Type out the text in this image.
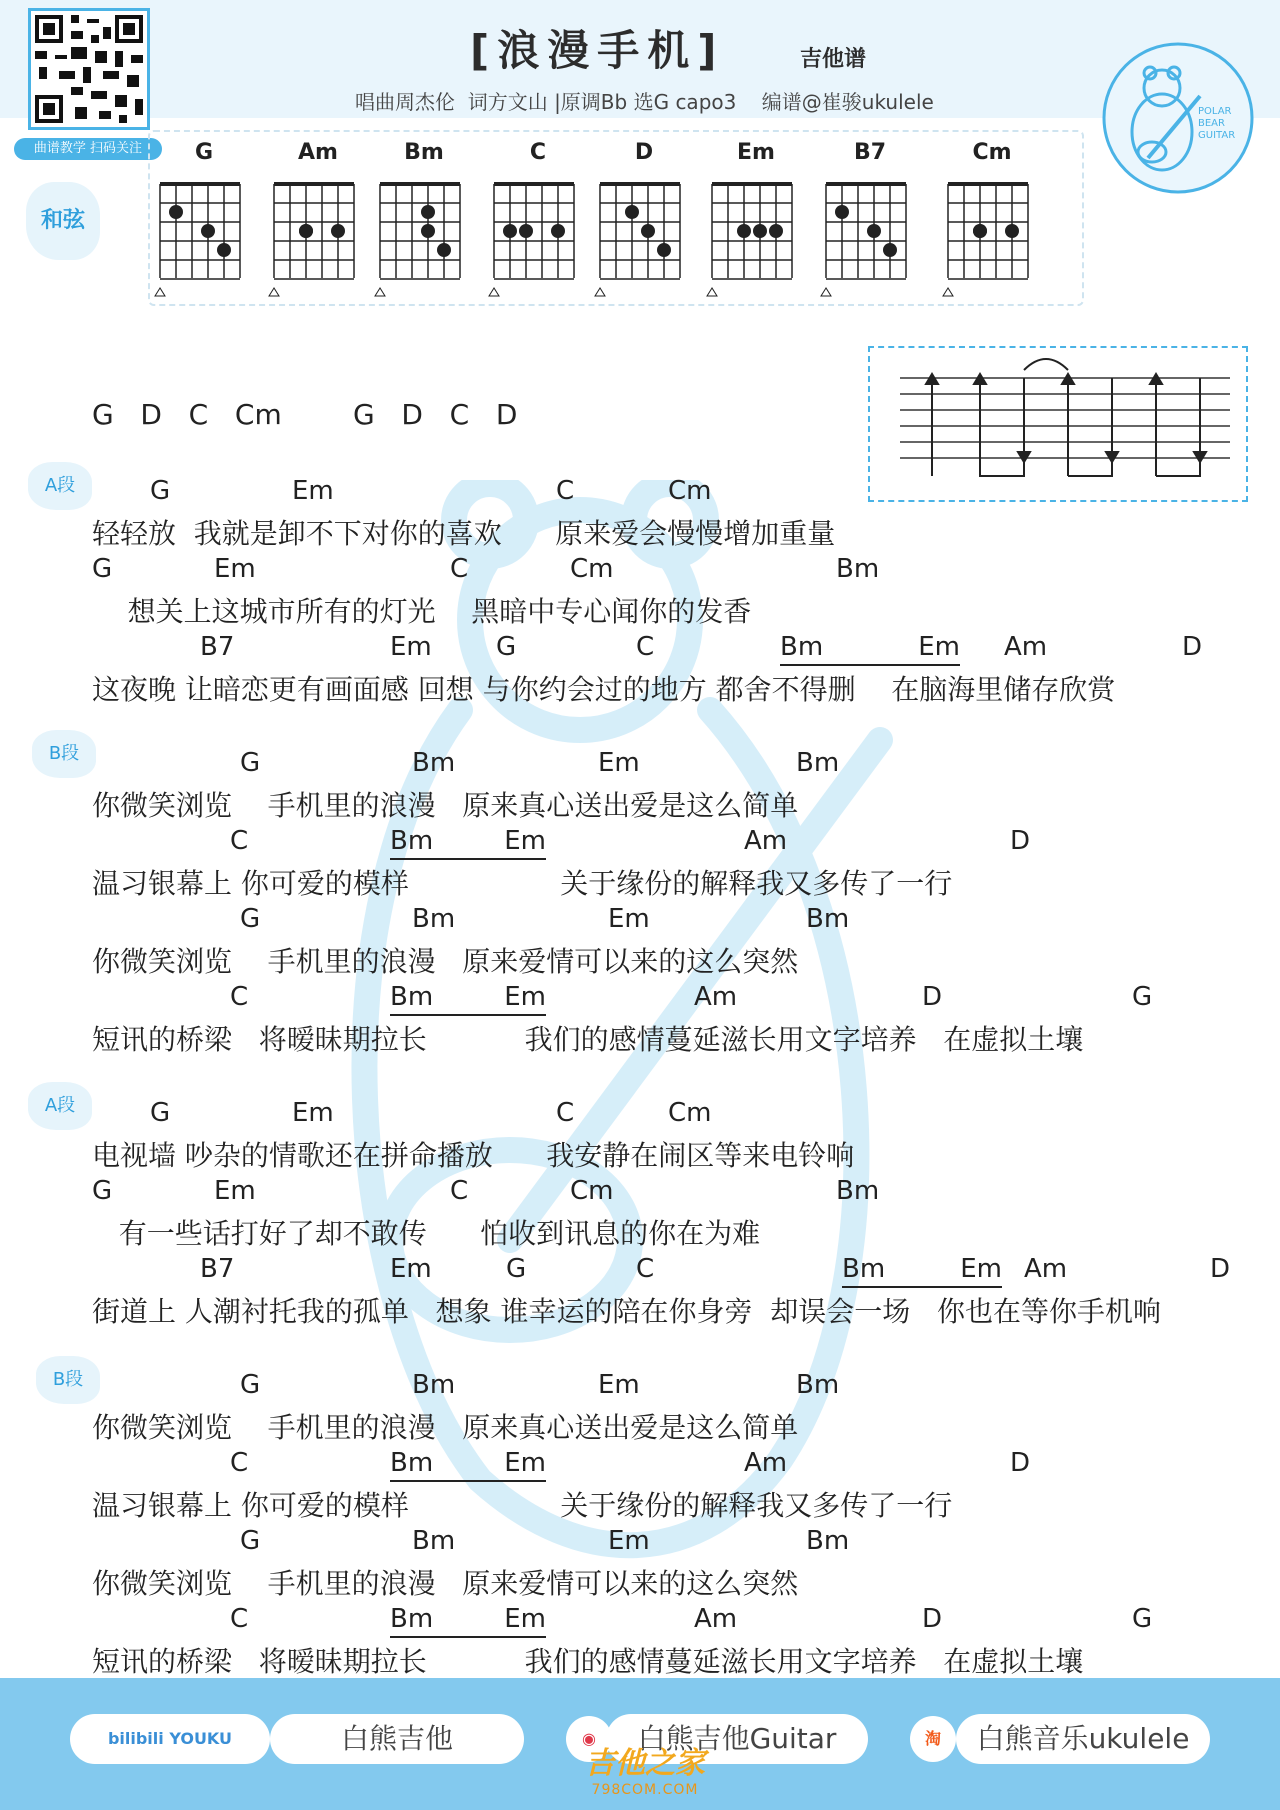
曲谱教学 扫码关注
[浪漫手机]	吉他谱
唱曲周杰伦  词方文山 |原调Bb 选G capo3    编谱@崔骏ukulele	POLAR
BEAR
GUITAR
和弦
G	Am	Bm	C	D	Em	B7	Cm
G   D   C   Cm        G   D   C   D
A段
B段
A段
B段
G	Em	C	Cm
轻轻放  我就是卸不下对你的喜欢      原来爱会慢慢增加重量
G	Em	C	Cm	Bm
想关上这城市所有的灯光    黑暗中专心闻你的发香
B7	Em G	C	Bm	Em Am	D
这夜晚 让暗恋更有画面感 回想 与你约会过的地方 都舍不得删    在脑海里储存欣赏
G	Bm	Em	Bm
你微笑浏览    手机里的浪漫   原来真心送出爱是这么简单
C	Bm	Em	Am	D
温习银幕上 你可爱的模样                 关于缘份的解释我又多传了一行
G	Bm	Em	Bm
你微笑浏览    手机里的浪漫   原来爱情可以来的这么突然
C	Bm	Em	Am	D	G
短讯的桥梁   将暧昧期拉长           我们的感情蔓延滋长用文字培养   在虚拟土壤
G	Em	C	Cm
电视墙 吵杂的情歌还在拼命播放      我安静在闹区等来电铃响
G	Em	C	Cm	Bm
有一些话打好了却不敢传      怕收到讯息的你在为难
B7	Em	G	C	Bm	Em Am	D
街道上 人潮衬托我的孤单   想象 谁幸运的陪在你身旁  却误会一场   你也在等你手机响
G	Bm	Em	Bm
你微笑浏览    手机里的浪漫   原来真心送出爱是这么简单
C	Bm	Em	Am	D
温习银幕上 你可爱的模样                 关于缘份的解释我又多传了一行
G	Bm	Em	Bm
你微笑浏览    手机里的浪漫   原来爱情可以来的这么突然
C	Bm	Em	Am	D	G
短讯的桥梁   将暧昧期拉长           我们的感情蔓延滋长用文字培养   在虚拟土壤
bilibili YOUKU	白熊吉他	◉	白熊吉他Guitar	淘	白熊音乐ukulele
吉他之家
798COM.COM
